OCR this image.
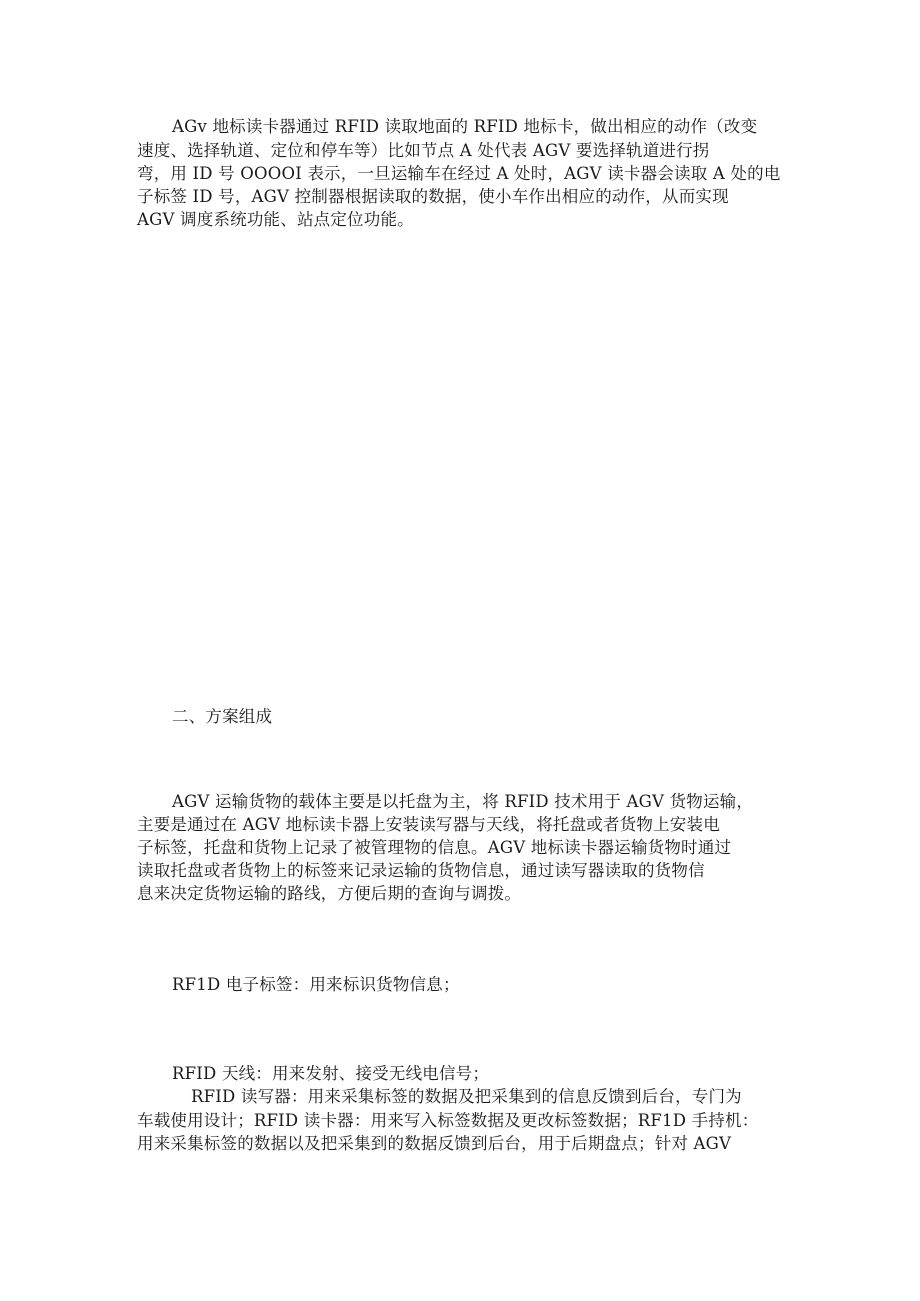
AGv 地标读卡器通过 RFID 读取地面的 RFID 地标卡，做出相应的动作（改变
速度、选择轨道、定位和停车等）比如节点 A 处代表 AGV 要选择轨道进行拐
弯，用 ID 号 OOOOI 表示，一旦运输车在经过 A 处时，AGV 读卡器会读取 A 处的电
子标签 ID 号，AGV 控制器根据读取的数据，使小车作出相应的动作，从而实现
AGV 调度系统功能、站点定位功能。
二、方案组成
AGV 运输货物的载体主要是以托盘为主，将 RFID 技术用于 AGV 货物运输，
主要是通过在 AGV 地标读卡器上安装读写器与天线，将托盘或者货物上安装电
子标签，托盘和货物上记录了被管理物的信息。AGV 地标读卡器运输货物时通过
读取托盘或者货物上的标签来记录运输的货物信息，通过读写器读取的货物信
息来决定货物运输的路线，方便后期的查询与调拨。
RF1D 电子标签：用来标识货物信息；
RFID 天线：用来发射、接受无线电信号；
RFID 读写器：用来采集标签的数据及把采集到的信息反馈到后台，专门为
车载使用设计；RFID 读卡器：用来写入标签数据及更改标签数据；RF1D 手持机：
用来采集标签的数据以及把采集到的数据反馈到后台，用于后期盘点；针对 AGV
